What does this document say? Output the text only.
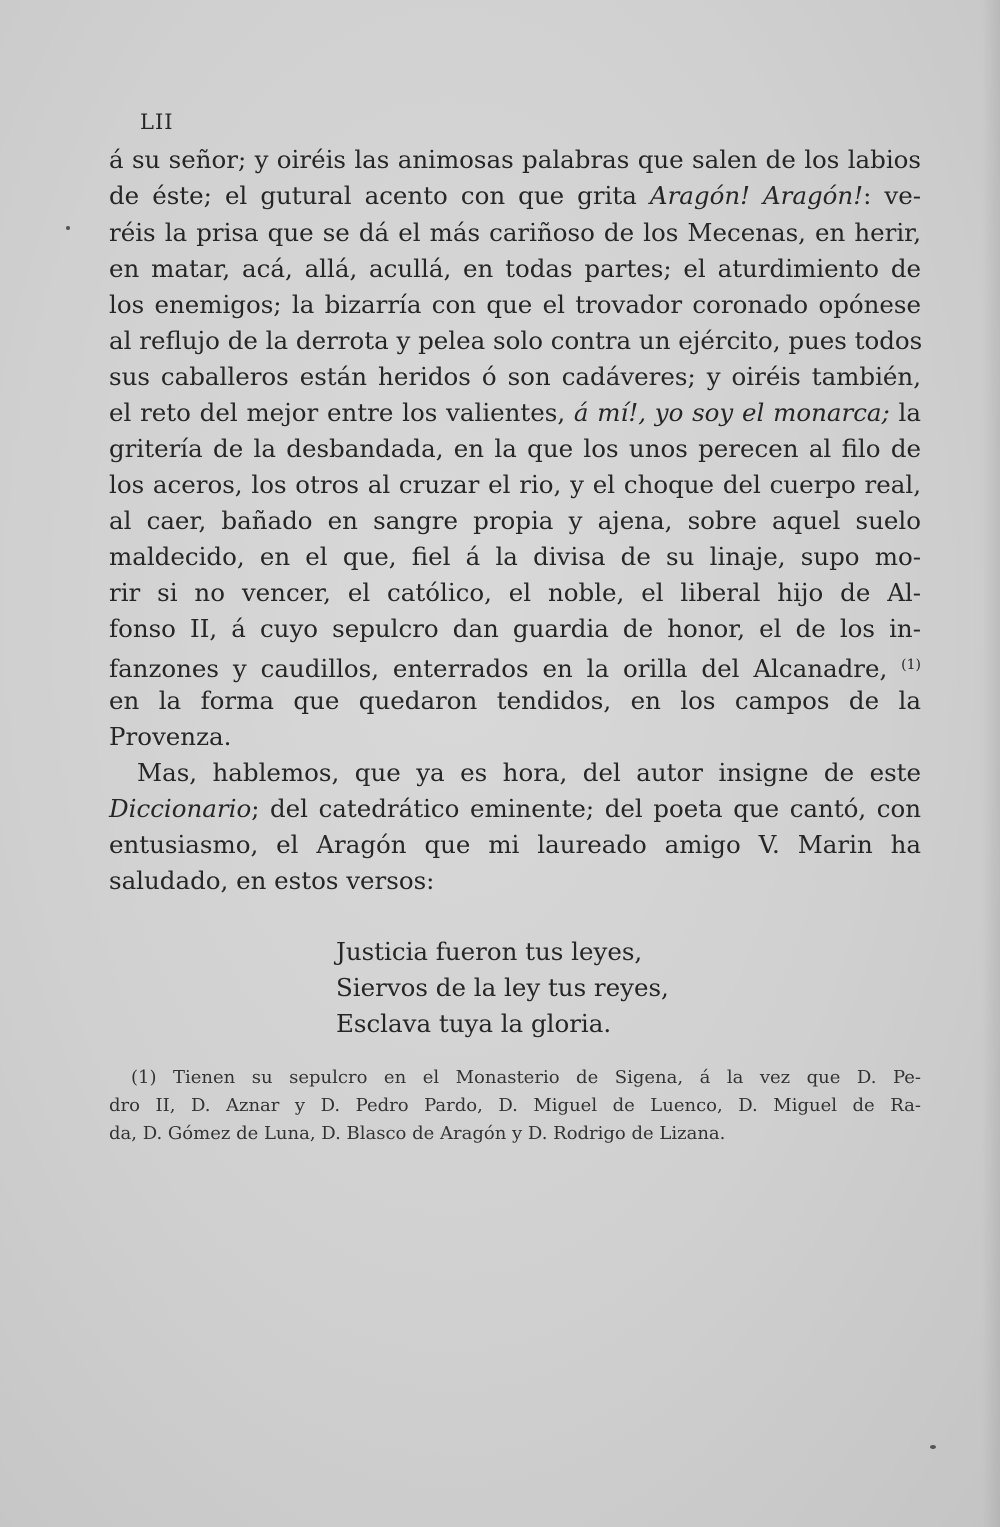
LII
á su señor; y oiréis las animosas palabras que salen de los labios
de éste; el gutural acento con que grita Aragón! Aragón!: ve-
réis la prisa que se dá el más cariñoso de los Mecenas, en herir,
en matar, acá, allá, acullá, en todas partes; el aturdimiento de
los enemigos; la bizarría con que el trovador coronado opónese
al reflujo de la derrota y pelea solo contra un ejército, pues todos
sus caballeros están heridos ó son cadáveres; y oiréis también,
el reto del mejor entre los valientes, á mí!, yo soy el monarca; la
gritería de la desbandada, en la que los unos perecen al filo de
los aceros, los otros al cruzar el rio, y el choque del cuerpo real,
al caer, bañado en sangre propia y ajena, sobre aquel suelo
maldecido, en el que, fiel á la divisa de su linaje, supo mo-
rir si no vencer, el católico, el noble, el liberal hijo de Al-
fonso II, á cuyo sepulcro dan guardia de honor, el de los in-
fanzones y caudillos, enterrados en la orilla del Alcanadre, $^{(1)}$
en la forma que quedaron tendidos, en los campos de la
Provenza.
Mas, hablemos, que ya es hora, del autor insigne de este
Diccionario; del catedrático eminente; del poeta que cantó, con
entusiasmo, el Aragón que mi laureado amigo V. Marin ha
saludado, en estos versos:
Justicia fueron tus leyes,
Siervos de la ley tus reyes,
Esclava tuya la gloria.
(1) Tienen su sepulcro en el Monasterio de Sigena, á la vez que D. Pe-
dro II, D. Aznar y D. Pedro Pardo, D. Miguel de Luenco, D. Miguel de Ra-
da, D. Gómez de Luna, D. Blasco de Aragón y D. Rodrigo de Lizana.
